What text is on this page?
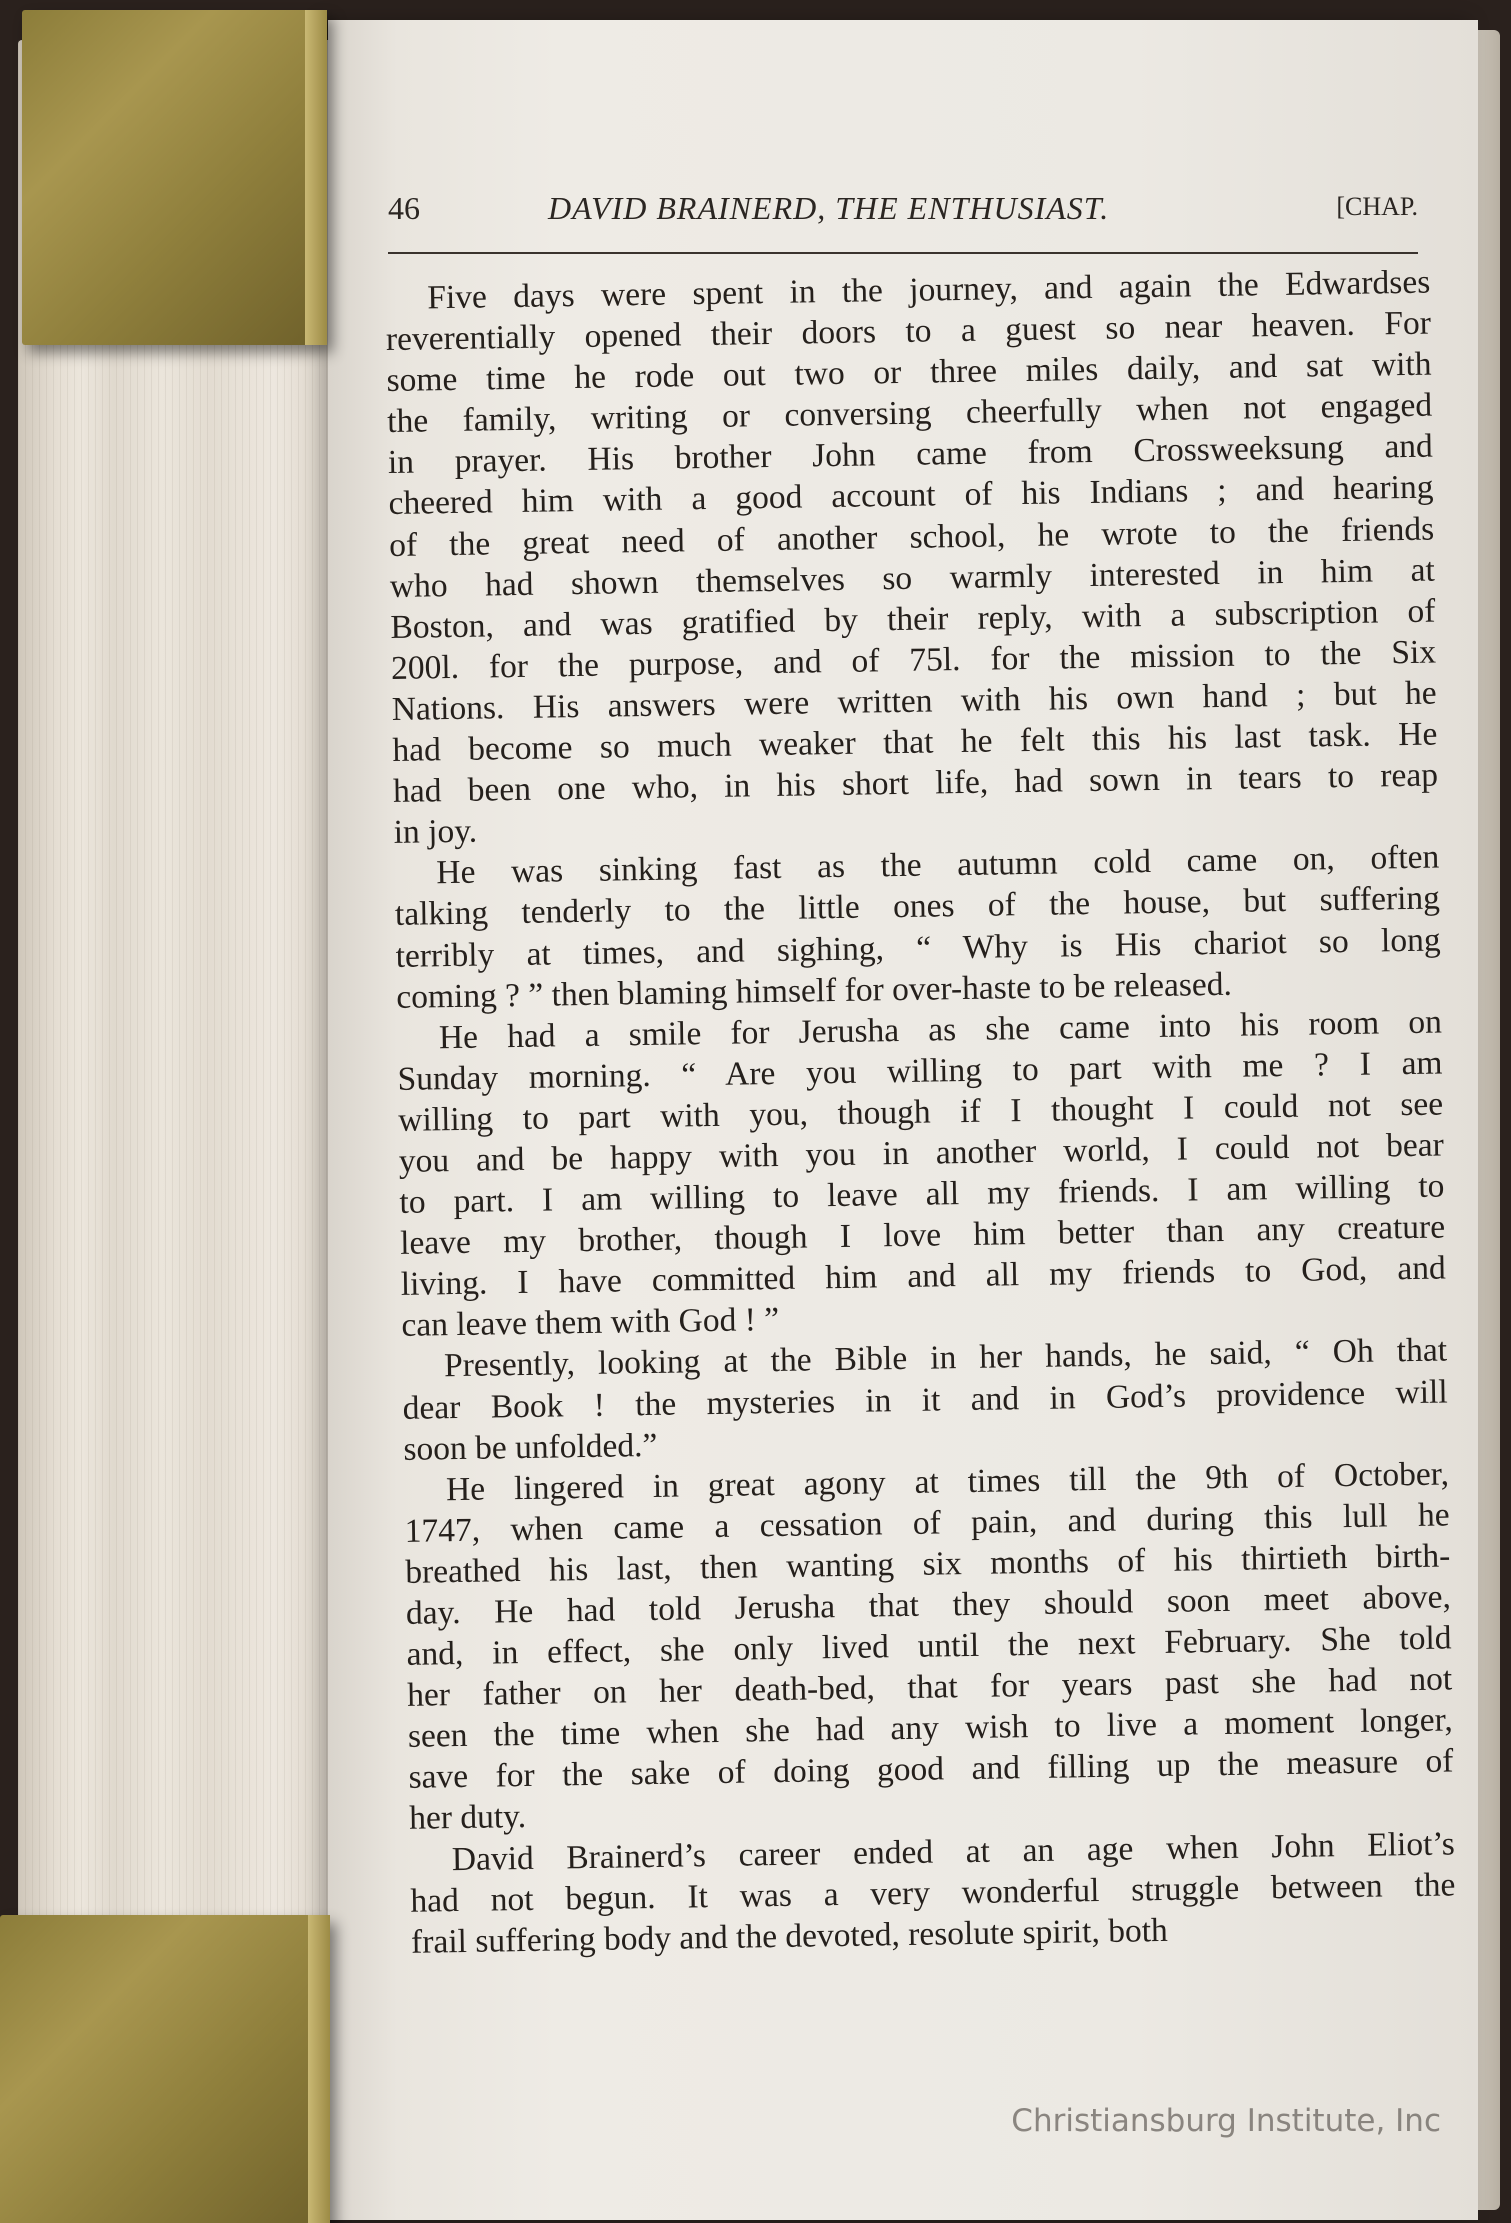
46	DAVID BRAINERD, THE ENTHUSIAST.	[CHAP.
Five days were spent in the journey, and again the Edwardses
reverentially opened their doors to a guest so near heaven. For
some time he rode out two or three miles daily, and sat with
the family, writing or conversing cheerfully when not engaged
in prayer. His brother John came from Crossweeksung and
cheered him with a good account of his Indians ; and hearing
of the great need of another school, he wrote to the friends
who had shown themselves so warmly interested in him at
Boston, and was gratified by their reply, with a subscription of
200l. for the purpose, and of 75l. for the mission to the Six
Nations. His answers were written with his own hand ; but he
had become so much weaker that he felt this his last task. He
had been one who, in his short life, had sown in tears to reap
in joy.
He was sinking fast as the autumn cold came on, often
talking tenderly to the little ones of the house, but suffering
terribly at times, and sighing, “ Why is His chariot so long
coming ? ” then blaming himself for over-haste to be released.
He had a smile for Jerusha as she came into his room on
Sunday morning. “ Are you willing to part with me ? I am
willing to part with you, though if I thought I could not see
you and be happy with you in another world, I could not bear
to part. I am willing to leave all my friends. I am willing to
leave my brother, though I love him better than any creature
living. I have committed him and all my friends to God, and
can leave them with God ! ”
Presently, looking at the Bible in her hands, he said, “ Oh that
dear Book ! the mysteries in it and in God’s providence will
soon be unfolded.”
He lingered in great agony at times till the 9th of October,
1747, when came a cessation of pain, and during this lull he
breathed his last, then wanting six months of his thirtieth birth-
day. He had told Jerusha that they should soon meet above,
and, in effect, she only lived until the next February. She told
her father on her death-bed, that for years past she had not
seen the time when she had any wish to live a moment longer,
save for the sake of doing good and filling up the measure of
her duty.
David Brainerd’s career ended at an age when John Eliot’s
had not begun. It was a very wonderful struggle between the
frail suffering body and the devoted, resolute spirit, both
Christiansburg Institute, Inc
